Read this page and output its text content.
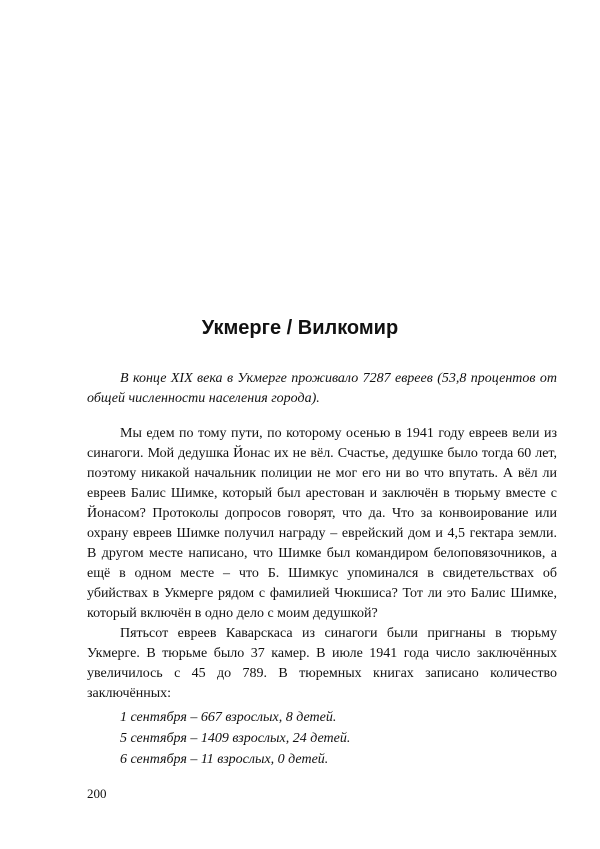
Укмерге / Вилкомир

В конце XIX века в Укмерге проживало 7287 евреев (53,8 процентов от общей численности населения города).

Мы едем по тому пути, по которому осенью в 1941 году евреев вели из синагоги. Мой дедушка Йонас их не вёл. Счастье, дедушке было тогда 60 лет, поэтому никакой начальник полиции не мог его ни во что впутать. А вёл ли евреев Балис Шимке, который был арестован и заключён в тюрьму вместе с Йонасом? Протоколы допросов говорят, что да. Что за конвоирование или охрану евреев Шимке получил награду – еврейский дом и 4,5 гектара земли. В другом месте написано, что Шимке был командиром белоповязочников, а ещё в одном месте – что Б. Шимкус упоминался в свидетельствах об убийствах в Укмерге рядом с фамилией Чюкшиса? Тот ли это Балис Шимке, который включён в одно дело с моим дедушкой?

Пятьсот евреев Каварскаса из синагоги были пригнаны в тюрьму Укмерге. В тюрьме было 37 камер. В июле 1941 года число заключённых увеличилось с 45 до 789. В тюремных книгах записано количество заключённых:

1 сентября – 667 взрослых, 8 детей.
5 сентября – 1409 взрослых, 24 детей.
6 сентября – 11 взрослых, 0 детей.

200
